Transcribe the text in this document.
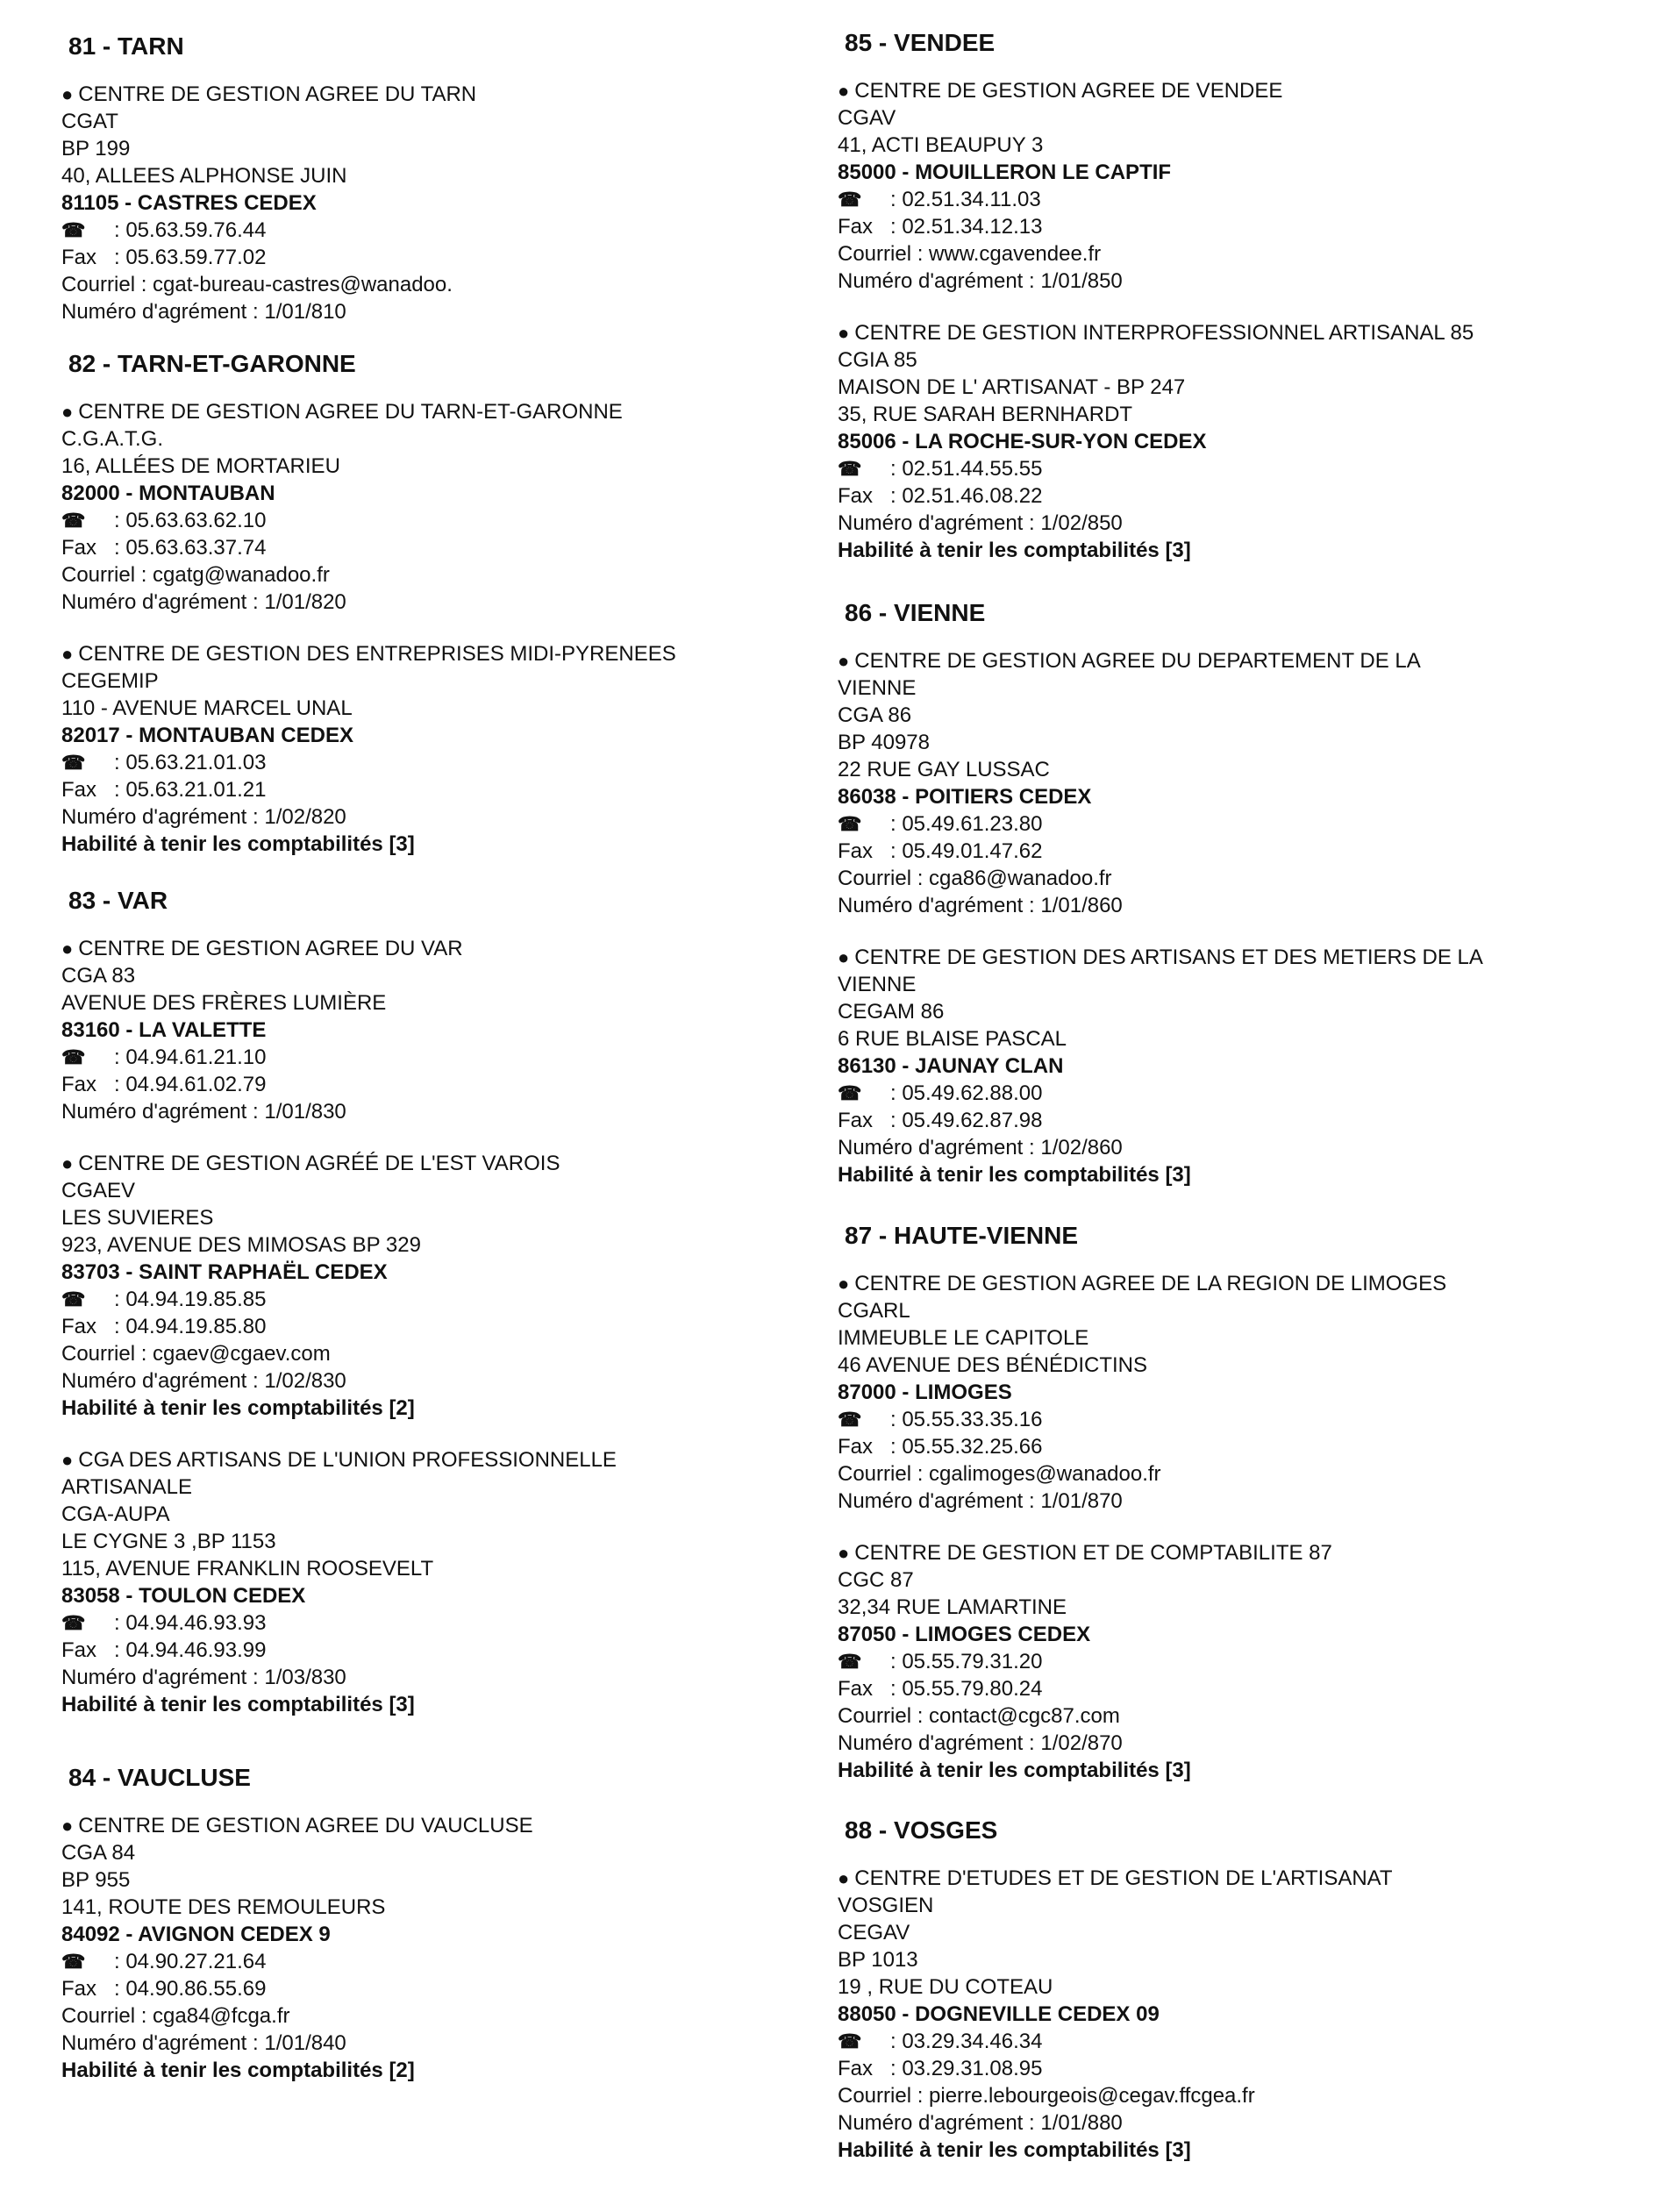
81 - TARN
● CENTRE DE GESTION AGREE DU TARN
CGAT
BP 199
40, ALLEES ALPHONSE JUIN
81105 - CASTRES CEDEX
☎ : 05.63.59.76.44
Fax : 05.63.59.77.02
Courriel : cgat-bureau-castres@wanadoo.
Numéro d'agrément : 1/01/810
82 - TARN-ET-GARONNE
● CENTRE DE GESTION AGREE DU TARN-ET-GARONNE
C.G.A.T.G.
16, ALLÉES DE MORTARIEU
82000 - MONTAUBAN
☎ : 05.63.63.62.10
Fax : 05.63.63.37.74
Courriel : cgatg@wanadoo.fr
Numéro d'agrément : 1/01/820
● CENTRE DE GESTION DES ENTREPRISES MIDI-PYRENEES
CEGEMIP
110 - AVENUE MARCEL UNAL
82017 - MONTAUBAN CEDEX
☎ : 05.63.21.01.03
Fax : 05.63.21.01.21
Numéro d'agrément : 1/02/820
Habilité à tenir les comptabilités [3]
83 - VAR
● CENTRE DE GESTION AGREE DU VAR
CGA 83
AVENUE DES FRÈRES LUMIÈRE
83160 - LA VALETTE
☎ : 04.94.61.21.10
Fax : 04.94.61.02.79
Numéro d'agrément : 1/01/830
● CENTRE DE GESTION AGRÉÉ DE L'EST VAROIS
CGAEV
LES SUVIERES
923, AVENUE DES MIMOSAS BP 329
83703 - SAINT RAPHAËL CEDEX
☎ : 04.94.19.85.85
Fax : 04.94.19.85.80
Courriel : cgaev@cgaev.com
Numéro d'agrément : 1/02/830
Habilité à tenir les comptabilités [2]
● CGA DES ARTISANS DE L'UNION PROFESSIONNELLE
ARTISANALE
CGA-AUPA
LE CYGNE 3 ,BP 1153
115, AVENUE FRANKLIN ROOSEVELT
83058 - TOULON CEDEX
☎ : 04.94.46.93.93
Fax : 04.94.46.93.99
Numéro d'agrément : 1/03/830
Habilité à tenir les comptabilités [3]
84 - VAUCLUSE
● CENTRE DE GESTION AGREE DU VAUCLUSE
CGA 84
BP 955
141, ROUTE DES REMOULEURS
84092 - AVIGNON CEDEX 9
☎ : 04.90.27.21.64
Fax : 04.90.86.55.69
Courriel : cga84@fcga.fr
Numéro d'agrément : 1/01/840
Habilité à tenir les comptabilités [2]
85 - VENDEE
● CENTRE DE GESTION AGREE DE VENDEE
CGAV
41, ACTI BEAUPUY 3
85000 - MOUILLERON LE CAPTIF
☎ : 02.51.34.11.03
Fax : 02.51.34.12.13
Courriel : www.cgavendee.fr
Numéro d'agrément : 1/01/850
● CENTRE DE GESTION INTERPROFESSIONNEL ARTISANAL 85
CGIA 85
MAISON DE L' ARTISANAT - BP 247
35, RUE SARAH BERNHARDT
85006 - LA ROCHE-SUR-YON CEDEX
☎ : 02.51.44.55.55
Fax : 02.51.46.08.22
Numéro d'agrément : 1/02/850
Habilité à tenir les comptabilités [3]
86 - VIENNE
● CENTRE DE GESTION AGREE DU DEPARTEMENT DE LA
VIENNE
CGA 86
BP 40978
22 RUE GAY LUSSAC
86038 - POITIERS CEDEX
☎ : 05.49.61.23.80
Fax : 05.49.01.47.62
Courriel : cga86@wanadoo.fr
Numéro d'agrément : 1/01/860
● CENTRE DE GESTION DES ARTISANS ET DES METIERS DE LA
VIENNE
CEGAM 86
6 RUE BLAISE PASCAL
86130 - JAUNAY CLAN
☎ : 05.49.62.88.00
Fax : 05.49.62.87.98
Numéro d'agrément : 1/02/860
Habilité à tenir les comptabilités [3]
87 - HAUTE-VIENNE
● CENTRE DE GESTION AGREE DE LA REGION DE LIMOGES
CGARL
IMMEUBLE LE CAPITOLE
46 AVENUE DES BÉNÉDICTINS
87000 - LIMOGES
☎ : 05.55.33.35.16
Fax : 05.55.32.25.66
Courriel : cgalimoges@wanadoo.fr
Numéro d'agrément : 1/01/870
● CENTRE DE GESTION ET DE COMPTABILITE 87
CGC 87
32,34 RUE LAMARTINE
87050 - LIMOGES CEDEX
☎ : 05.55.79.31.20
Fax : 05.55.79.80.24
Courriel : contact@cgc87.com
Numéro d'agrément : 1/02/870
Habilité à tenir les comptabilités [3]
88 - VOSGES
● CENTRE D'ETUDES ET DE GESTION DE L'ARTISANAT
VOSGIEN
CEGAV
BP 1013
19 , RUE DU COTEAU
88050 - DOGNEVILLE CEDEX 09
☎ : 03.29.34.46.34
Fax : 03.29.31.08.95
Courriel : pierre.lebourgeois@cegav.ffcgea.fr
Numéro d'agrément : 1/01/880
Habilité à tenir les comptabilités [3]
